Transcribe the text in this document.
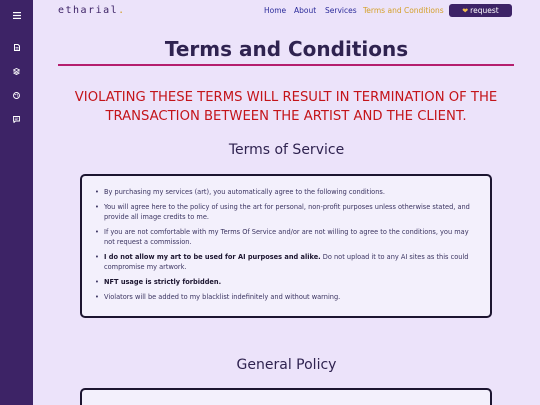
etharial.	Home About Services Terms and Conditions	❤ request
Terms and Conditions
VIOLATING THESE TERMS WILL RESULT IN TERMINATION OF THE TRANSACTION BETWEEN THE ARTIST AND THE CLIENT.
Terms of Service
• By purchasing my services (art), you automatically agree to the following conditions.
• You will agree here to the policy of using the art for personal, non-profit purposes unless otherwise stated, and provide all image credits to me.
• If you are not comfortable with my Terms Of Service and/or are not willing to agree to the conditions, you may not request a commission.
• I do not allow my art to be used for AI purposes and alike. Do not upload it to any AI sites as this could compromise my artwork.
• NFT usage is strictly forbidden.
• Violators will be added to my blacklist indefinitely and without warning.
General Policy
